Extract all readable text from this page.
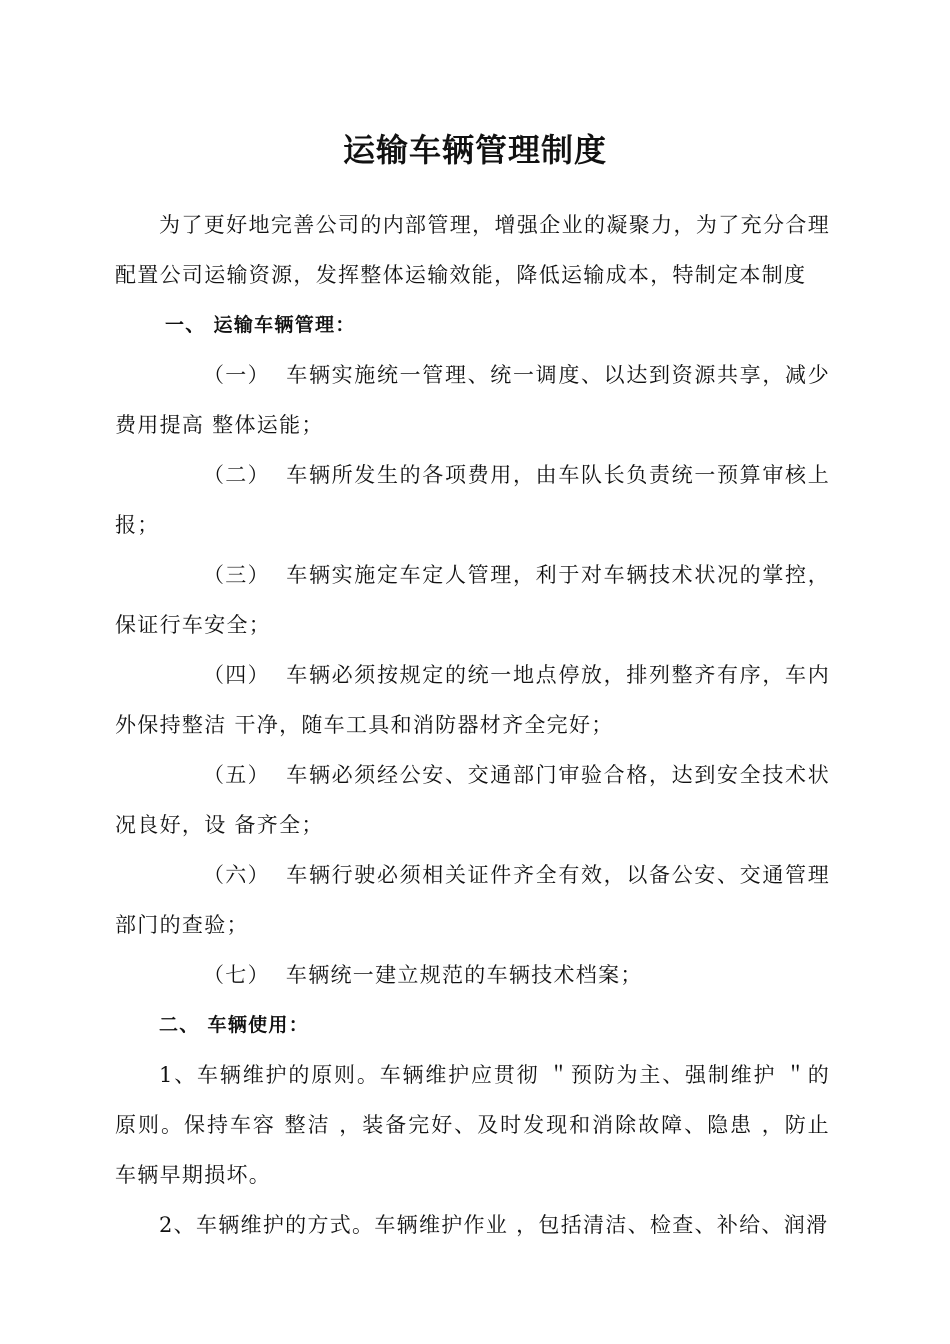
运输车辆管理制度

为了更好地完善公司的内部管理，增强企业的凝聚力，为了充分合理配置公司运输资源，发挥整体运输效能，降低运输成本，特制定本制度

一、 运输车辆管理：

（一） 车辆实施统一管理、统一调度、以达到资源共享，减少费用提高 整体运能；

（二） 车辆所发生的各项费用，由车队长负责统一预算审核上报；

（三） 车辆实施定车定人管理，利于对车辆技术状况的掌控，保证行车安全；

（四） 车辆必须按规定的统一地点停放，排列整齐有序，车内外保持整洁 干净，随车工具和消防器材齐全完好；

（五） 车辆必须经公安、交通部门审验合格，达到安全技术状况良好，设 备齐全；

（六） 车辆行驶必须相关证件齐全有效，以备公安、交通管理部门的查验；

（七） 车辆统一建立规范的车辆技术档案；

二、 车辆使用：

1、车辆维护的原则。车辆维护应贯彻 ＂预防为主、强制维护 ＂的原则。保持车容 整洁 ，装备完好、及时发现和消除故障、隐患 ，防止车辆早期损坏。

2、车辆维护的方式。车辆维护作业 ，包括清洁、检查、补给、润滑
